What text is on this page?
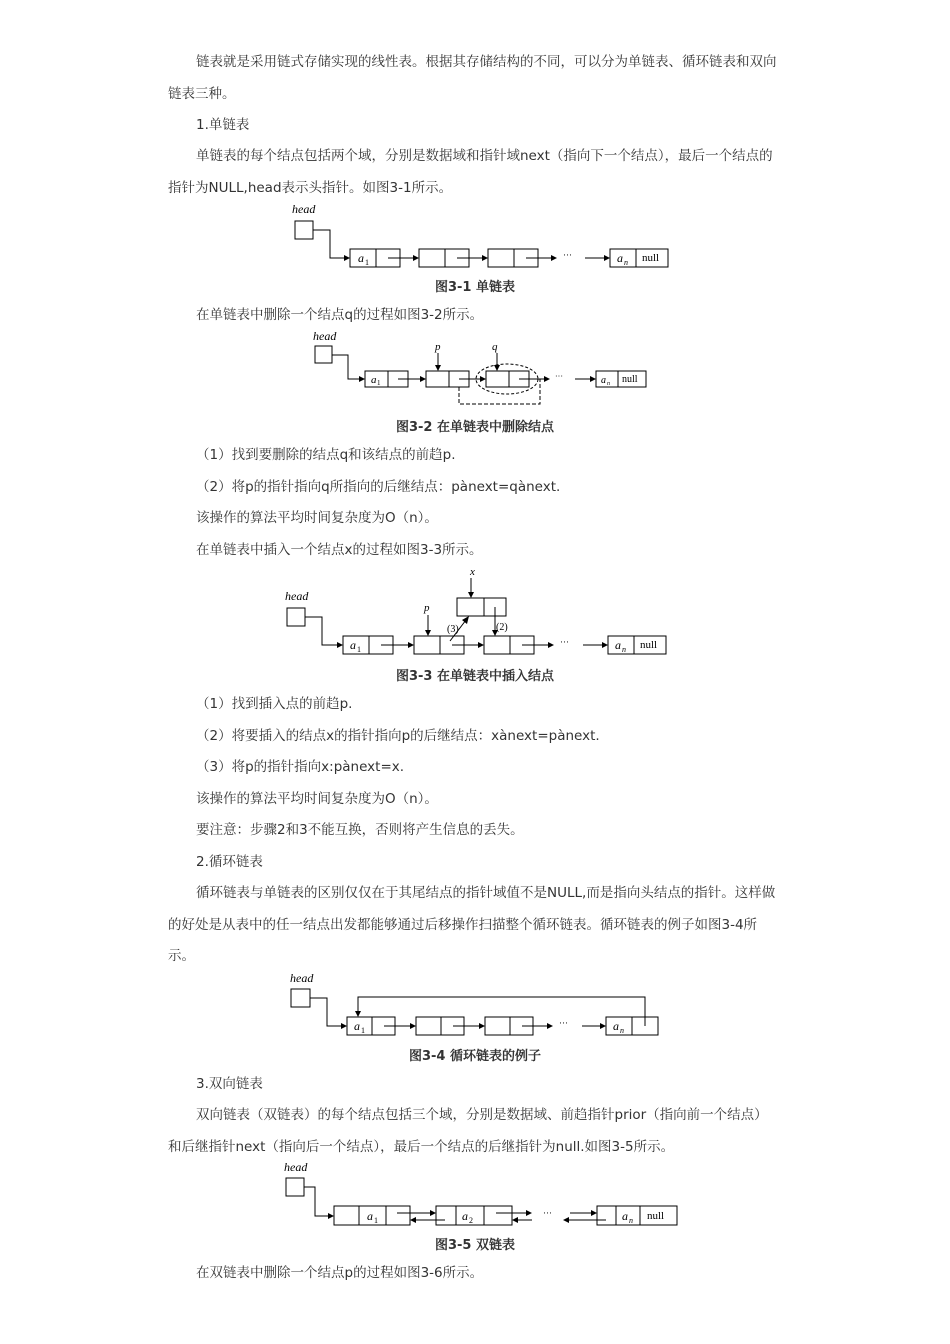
链表就是采用链式存储实现的线性表。根据其存储结构的不同，可以分为单链表、循环链表和双向链表三种。

1.单链表

单链表的每个结点包括两个域，分别是数据域和指针域next（指向下一个结点），最后一个结点的指针为NULL,head表示头指针。如图3-1所示。

head
a 1
···	a n null

图3-1 单链表

在单链表中删除一个结点q的过程如图3-2所示。

head
a 1
p	q
···	a n null

图3-2 在单链表中删除结点

（1）找到要删除的结点q和该结点的前趋p.

（2）将p的指针指向q所指向的后继结点：pànext=qànext.

该操作的算法平均时间复杂度为O（n）。

在单链表中插入一个结点x的过程如图3-3所示。

x
head
a 1
p
(3)	(2)
···	a n null

图3-3 在单链表中插入结点

（1）找到插入点的前趋p.

（2）将要插入的结点x的指针指向p的后继结点：xànext=pànext.

（3）将p的指针指向x:pànext=x.

该操作的算法平均时间复杂度为O（n）。

要注意：步骤2和3不能互换，否则将产生信息的丢失。

2.循环链表

循环链表与单链表的区别仅仅在于其尾结点的指针域值不是NULL,而是指向头结点的指针。这样做的好处是从表中的任一结点出发都能够通过后移操作扫描整个循环链表。循环链表的例子如图3-4所示。

head
a 1
···	a n

图3-4 循环链表的例子

3.双向链表

双向链表（双链表）的每个结点包括三个域，分别是数据域、前趋指针prior（指向前一个结点）和后继指针next（指向后一个结点），最后一个结点的后继指针为null.如图3-5所示。

head
a 1	a 2
···	a n null

图3-5 双链表

在双链表中删除一个结点p的过程如图3-6所示。
